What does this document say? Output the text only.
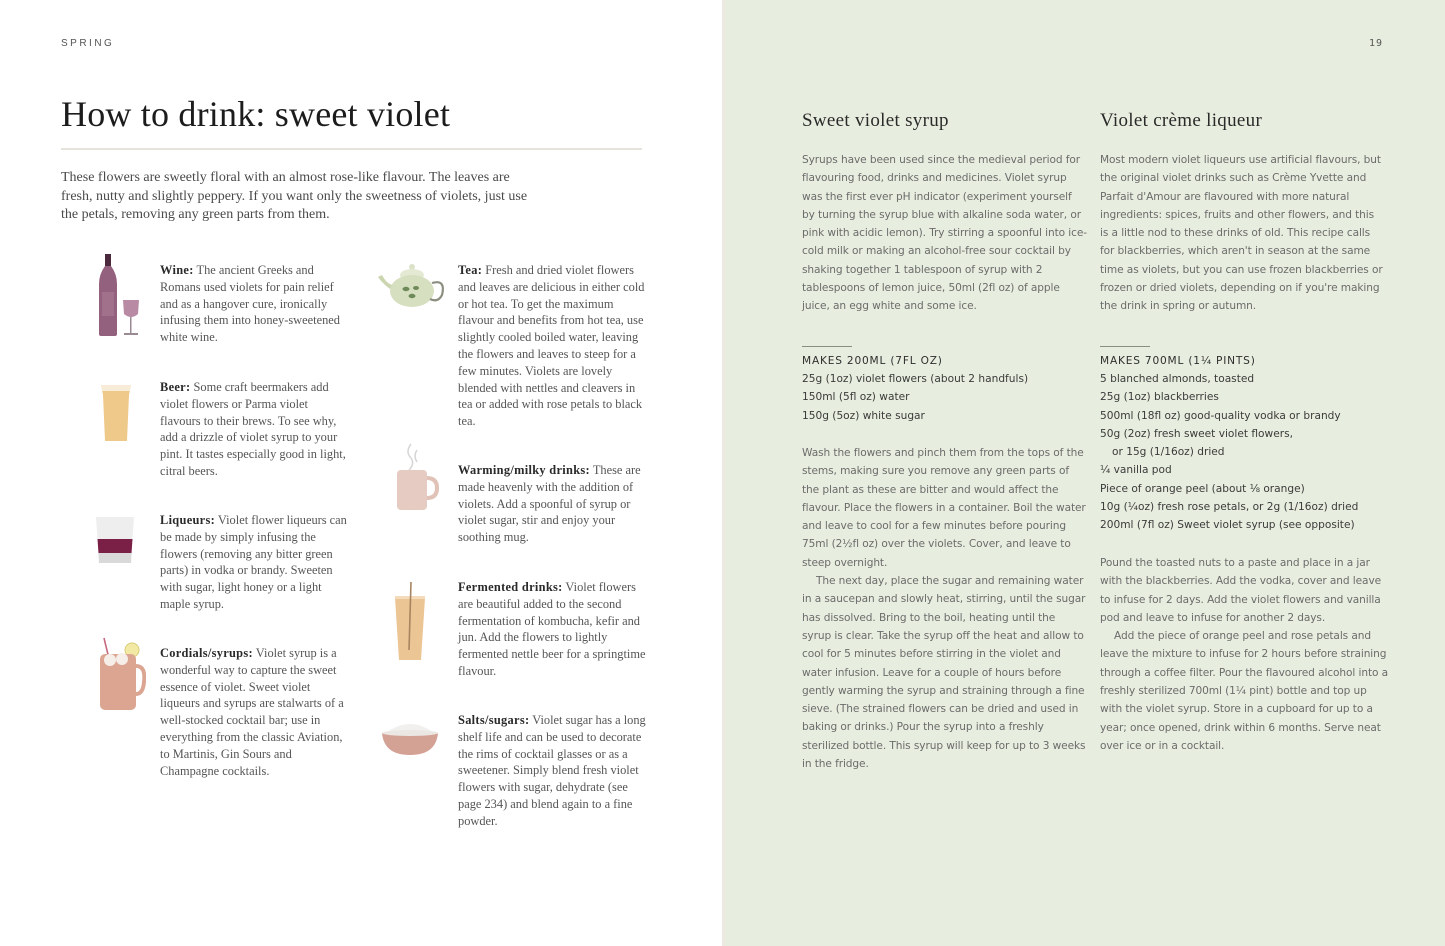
SPRING
How to drink: sweet violet

These flowers are sweetly floral with an almost rose-like flavour. The leaves are fresh, nutty and slightly peppery. If you want only the sweetness of violets, just use the petals, removing any green parts from them.

Wine: The ancient Greeks and Romans used violets for pain relief and as a hangover cure, ironically infusing them into honey-sweetened white wine.
Beer: Some craft beermakers add violet flowers or Parma violet flavours to their brews. To see why, add a drizzle of violet syrup to your pint. It tastes especially good in light, citral beers.
Liqueurs: Violet flower liqueurs can be made by simply infusing the flowers (removing any bitter green parts) in vodka or brandy. Sweeten with sugar, light honey or a light maple syrup.
Cordials/syrups: Violet syrup is a wonderful way to capture the sweet essence of violet. Sweet violet liqueurs and syrups are stalwarts of a well-stocked cocktail bar; use in everything from the classic Aviation, to Martinis, Gin Sours and Champagne cocktails.
Tea: Fresh and dried violet flowers and leaves are delicious in either cold or hot tea. To get the maximum flavour and benefits from hot tea, use slightly cooled boiled water, leaving the flowers and leaves to steep for a few minutes. Violets are lovely blended with nettles and cleavers in tea or added with rose petals to black tea.
Warming/milky drinks: These are made heavenly with the addition of violets. Add a spoonful of syrup or violet sugar, stir and enjoy your soothing mug.
Fermented drinks: Violet flowers are beautiful added to the second fermentation of kombucha, kefir and jun. Add the flowers to lightly fermented nettle beer for a springtime flavour.
Salts/sugars: Violet sugar has a long shelf life and can be used to decorate the rims of cocktail glasses or as a sweetener. Simply blend fresh violet flowers with sugar, dehydrate (see page 234) and blend again to a fine powder.
19
Sweet violet syrup

Syrups have been used since the medieval period for flavouring food, drinks and medicines. Violet syrup was the first ever pH indicator (experiment yourself by turning the syrup blue with alkaline soda water, or pink with acidic lemon). Try stirring a spoonful into ice-cold milk or making an alcohol-free sour cocktail by shaking together 1 tablespoon of syrup with 2 tablespoons of lemon juice, 50ml (2fl oz) of apple juice, an egg white and some ice.

MAKES 200ML (7FL OZ)
25g (1oz) violet flowers (about 2 handfuls)
150ml (5fl oz) water
150g (5oz) white sugar

Wash the flowers and pinch them from the tops of the stems, making sure you remove any green parts of the plant as these are bitter and would affect the flavour. Place the flowers in a container. Boil the water and leave to cool for a few minutes before pouring 75ml (2½fl oz) over the violets. Cover, and leave to steep overnight.

The next day, place the sugar and remaining water in a saucepan and slowly heat, stirring, until the sugar has dissolved. Bring to the boil, heating until the syrup is clear. Take the syrup off the heat and allow to cool for 5 minutes before stirring in the violet and water infusion. Leave for a couple of hours before gently warming the syrup and straining through a fine sieve. (The strained flowers can be dried and used in baking or drinks.) Pour the syrup into a freshly sterilized bottle. This syrup will keep for up to 3 weeks in the fridge.

Violet crème liqueur

Most modern violet liqueurs use artificial flavours, but the original violet drinks such as Crème Yvette and Parfait d'Amour are flavoured with more natural ingredients: spices, fruits and other flowers, and this is a little nod to these drinks of old. This recipe calls for blackberries, which aren't in season at the same time as violets, but you can use frozen blackberries or frozen or dried violets, depending on if you're making the drink in spring or autumn.

MAKES 700ML (1¼ PINTS)
5 blanched almonds, toasted
25g (1oz) blackberries
500ml (18fl oz) good-quality vodka or brandy
50g (2oz) fresh sweet violet flowers,
or 15g (1/16oz) dried
¼ vanilla pod
Piece of orange peel (about ⅛ orange)
10g (¼oz) fresh rose petals, or 2g (1/16oz) dried
200ml (7fl oz) Sweet violet syrup (see opposite)

Pound the toasted nuts to a paste and place in a jar with the blackberries. Add the vodka, cover and leave to infuse for 2 days. Add the violet flowers and vanilla pod and leave to infuse for another 2 days.

Add the piece of orange peel and rose petals and leave the mixture to infuse for 2 hours before straining through a coffee filter. Pour the flavoured alcohol into a freshly sterilized 700ml (1¼ pint) bottle and top up with the violet syrup. Store in a cupboard for up to a year; once opened, drink within 6 months. Serve neat over ice or in a cocktail.
